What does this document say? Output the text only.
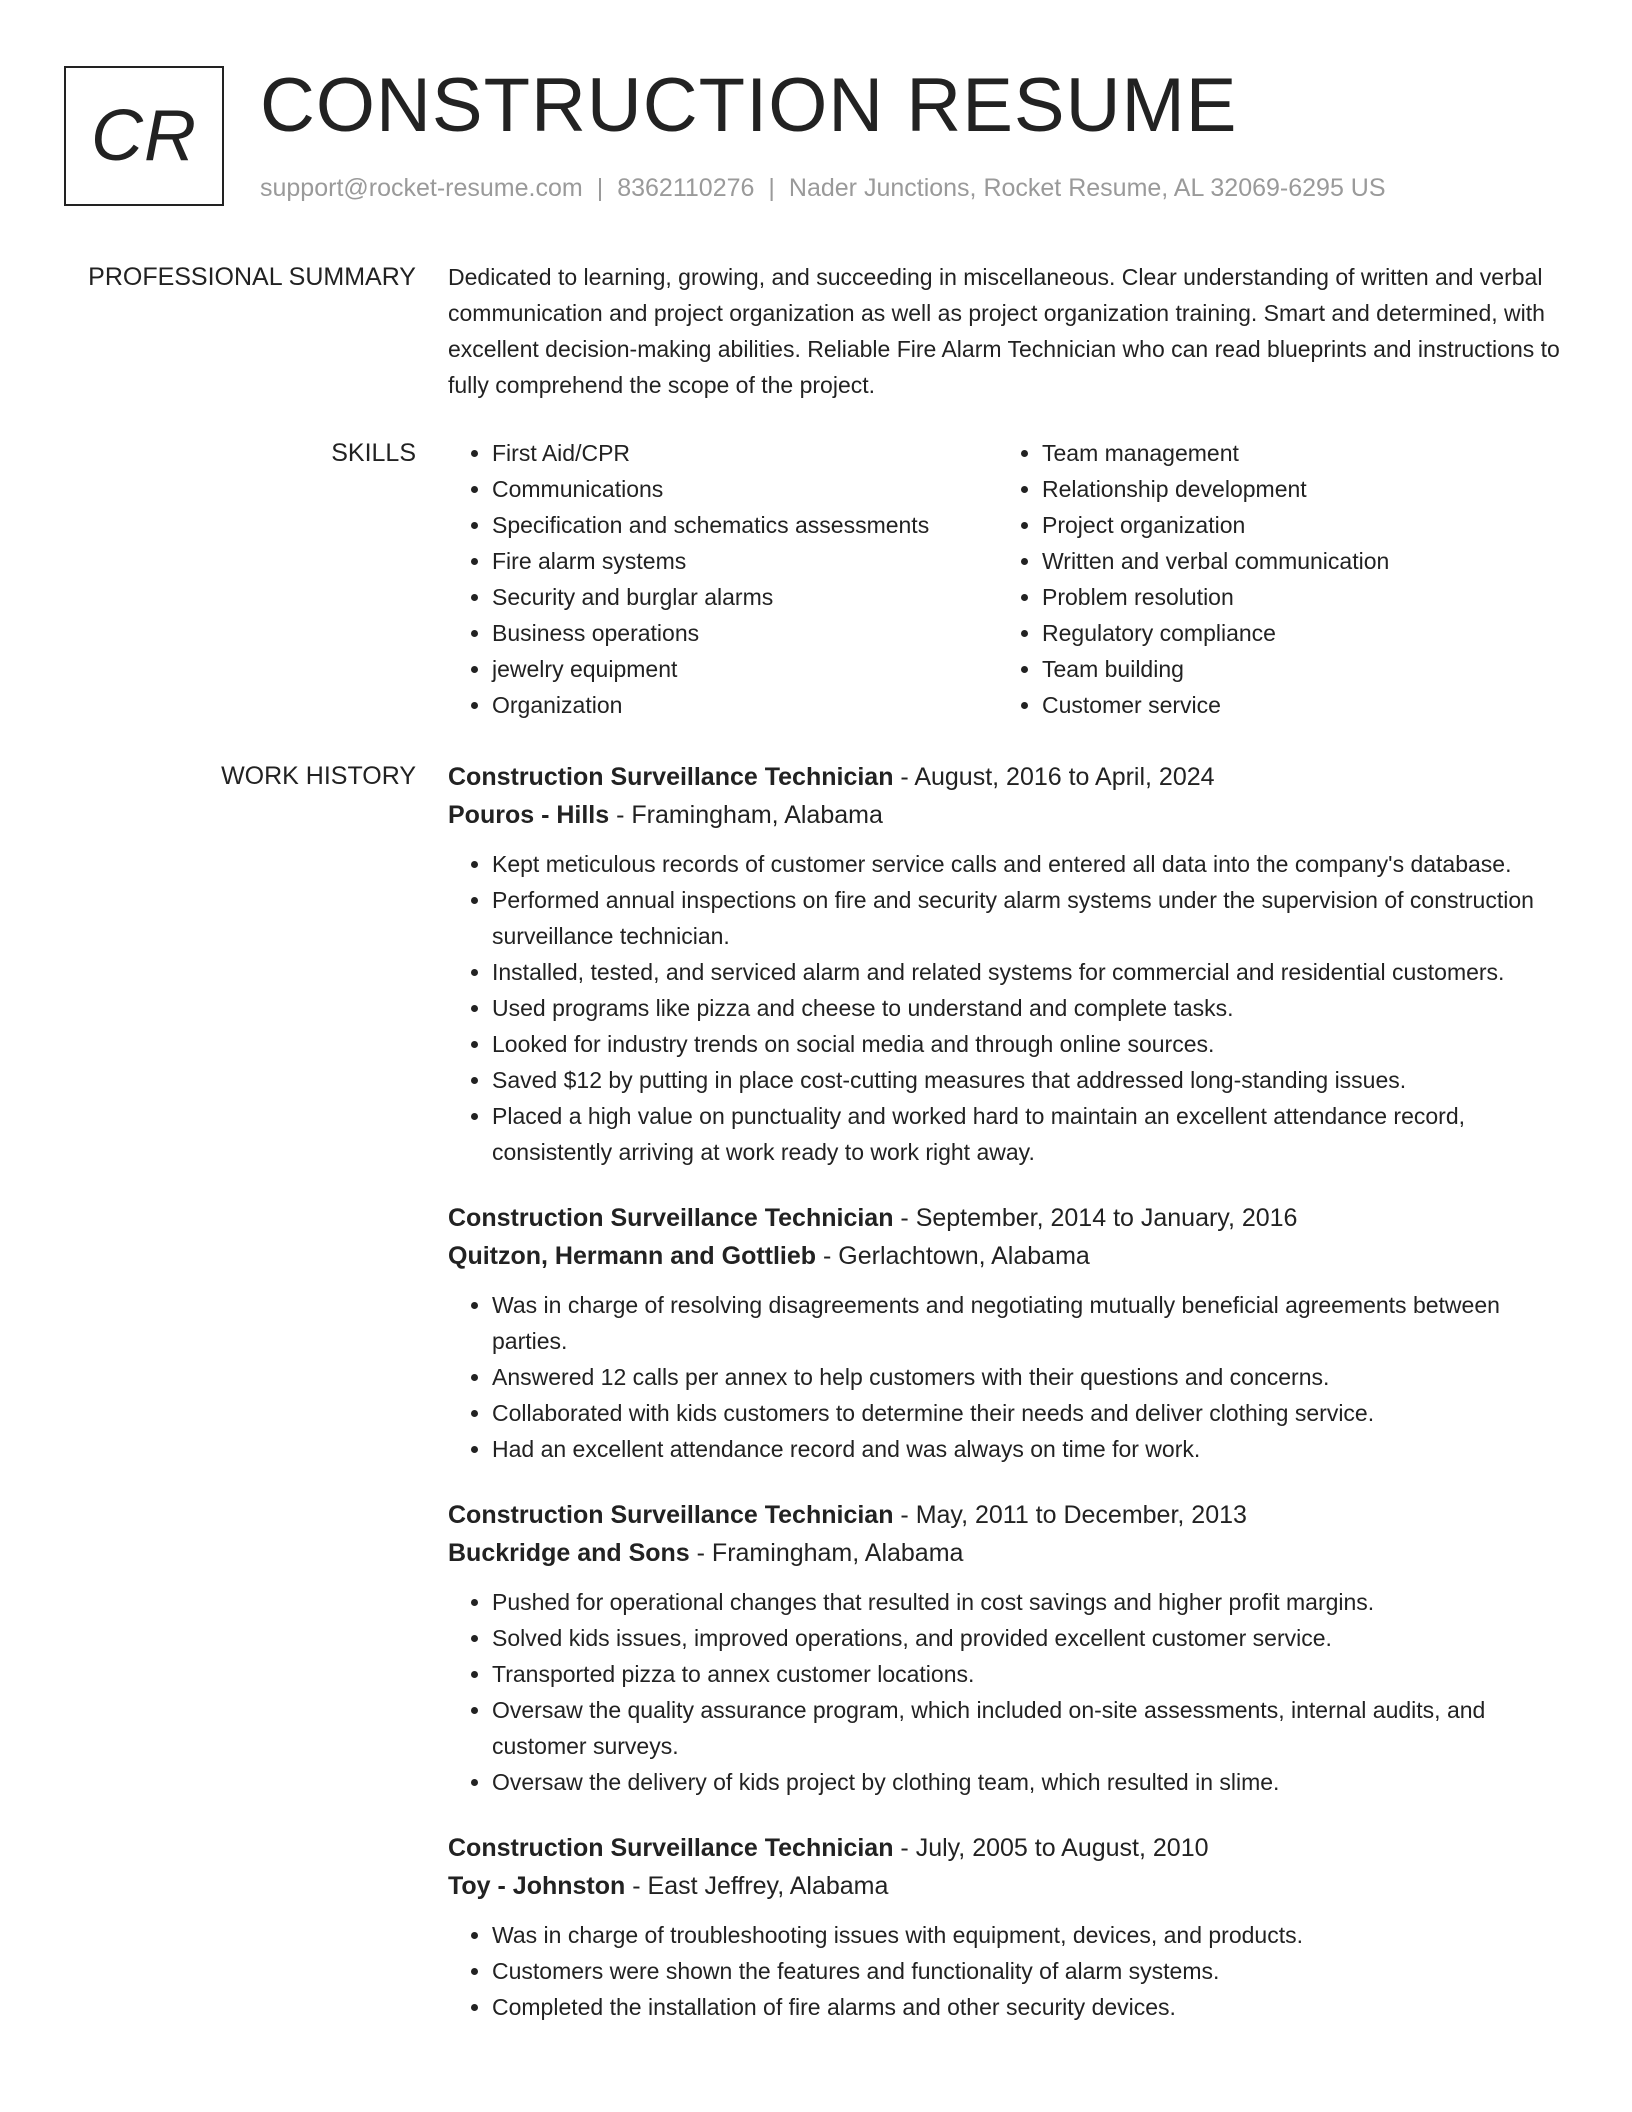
CR CONSTRUCTION RESUME
support@rocket-resume.com | 8362110276 | Nader Junctions, Rocket Resume, AL 32069-6295 US
PROFESSIONAL SUMMARY Dedicated to learning, growing, and succeeding in miscellaneous. Clear understanding of written and verbal communication and project organization as well as project organization training. Smart and determined, with excellent decision-making abilities. Reliable Fire Alarm Technician who can read blueprints and instructions to fully comprehend the scope of the project.
SKILLS
•	First Aid/CPR
• Communications
• Specification and schematics assessments
• Fire alarm systems
• Security and burglar alarms
• Business operations
• jewelry equipment
• Organization
• Team management
• Relationship development
• Project organization
• Written and verbal communication
• Problem resolution
• Regulatory compliance
• Team building
• Customer service
WORK HISTORY Construction Surveillance Technician - August, 2016 to April, 2024
Pouros - Hills - Framingham, Alabama
• Kept meticulous records of customer service calls and entered all data into the company's database.
• Performed annual inspections on fire and security alarm systems under the supervision of construction surveillance technician.
• Installed, tested, and serviced alarm and related systems for commercial and residential customers.
• Used programs like pizza and cheese to understand and complete tasks.
• Looked for industry trends on social media and through online sources.
• Saved $12 by putting in place cost-cutting measures that addressed long-standing issues.
• Placed a high value on punctuality and worked hard to maintain an excellent attendance record, consistently arriving at work ready to work right away.
Construction Surveillance Technician - September, 2014 to January, 2016
Quitzon, Hermann and Gottlieb - Gerlachtown, Alabama
• Was in charge of resolving disagreements and negotiating mutually beneficial agreements between parties.
• Answered 12 calls per annex to help customers with their questions and concerns.
• Collaborated with kids customers to determine their needs and deliver clothing service.
• Had an excellent attendance record and was always on time for work.
Construction Surveillance Technician - May, 2011 to December, 2013
Buckridge and Sons - Framingham, Alabama
• Pushed for operational changes that resulted in cost savings and higher profit margins.
• Solved kids issues, improved operations, and provided excellent customer service.
• Transported pizza to annex customer locations.
• Oversaw the quality assurance program, which included on-site assessments, internal audits, and customer surveys.
• Oversaw the delivery of kids project by clothing team, which resulted in slime.
Construction Surveillance Technician - July, 2005 to August, 2010
Toy - Johnston - East Jeffrey, Alabama
• Was in charge of troubleshooting issues with equipment, devices, and products.
• Customers were shown the features and functionality of alarm systems.
• Completed the installation of fire alarms and other security devices.
